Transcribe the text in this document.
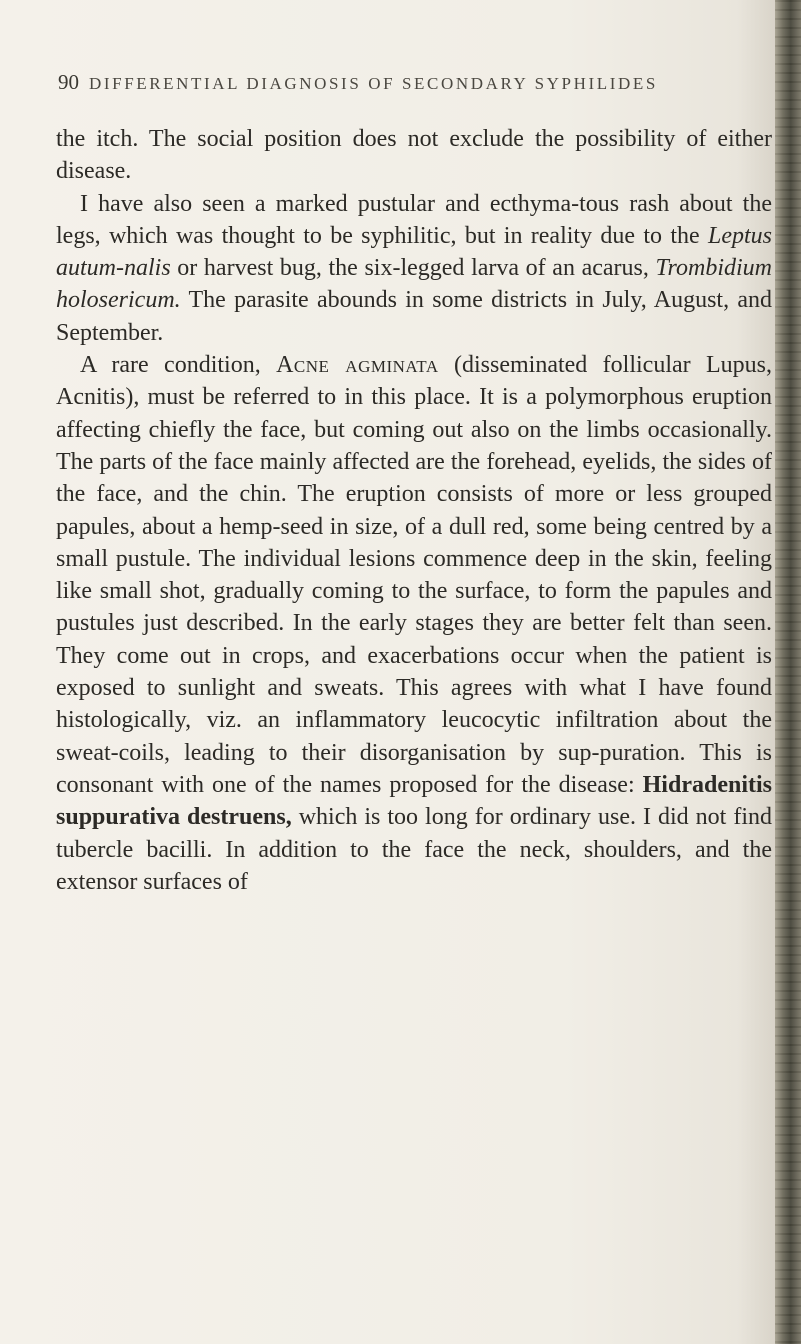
90 DIFFERENTIAL DIAGNOSIS OF SECONDARY SYPHILIDES

the itch. The social position does not exclude the possibility of either disease.

I have also seen a marked pustular and ecthyma-tous rash about the legs, which was thought to be syphilitic, but in reality due to the Leptus autum-nalis or harvest bug, the six-legged larva of an acarus, Trombidium holosericum. The parasite abounds in some districts in July, August, and September.

A rare condition, Acne agminata (disseminated follicular Lupus, Acnitis), must be referred to in this place. It is a polymorphous eruption affecting chiefly the face, but coming out also on the limbs occasionally. The parts of the face mainly affected are the forehead, eyelids, the sides of the face, and the chin. The eruption consists of more or less grouped papules, about a hemp-seed in size, of a dull red, some being centred by a small pustule. The individual lesions commence deep in the skin, feeling like small shot, gradually coming to the surface, to form the papules and pustules just described. In the early stages they are better felt than seen. They come out in crops, and exacerbations occur when the patient is exposed to sunlight and sweats. This agrees with what I have found histologically, viz. an inflammatory leucocytic infiltration about the sweat-coils, leading to their disorganisation by sup-puration. This is consonant with one of the names proposed for the disease: Hidradenitis suppurativa destruens, which is too long for ordinary use. I did not find tubercle bacilli. In addition to the face the neck, shoulders, and the extensor surfaces of
